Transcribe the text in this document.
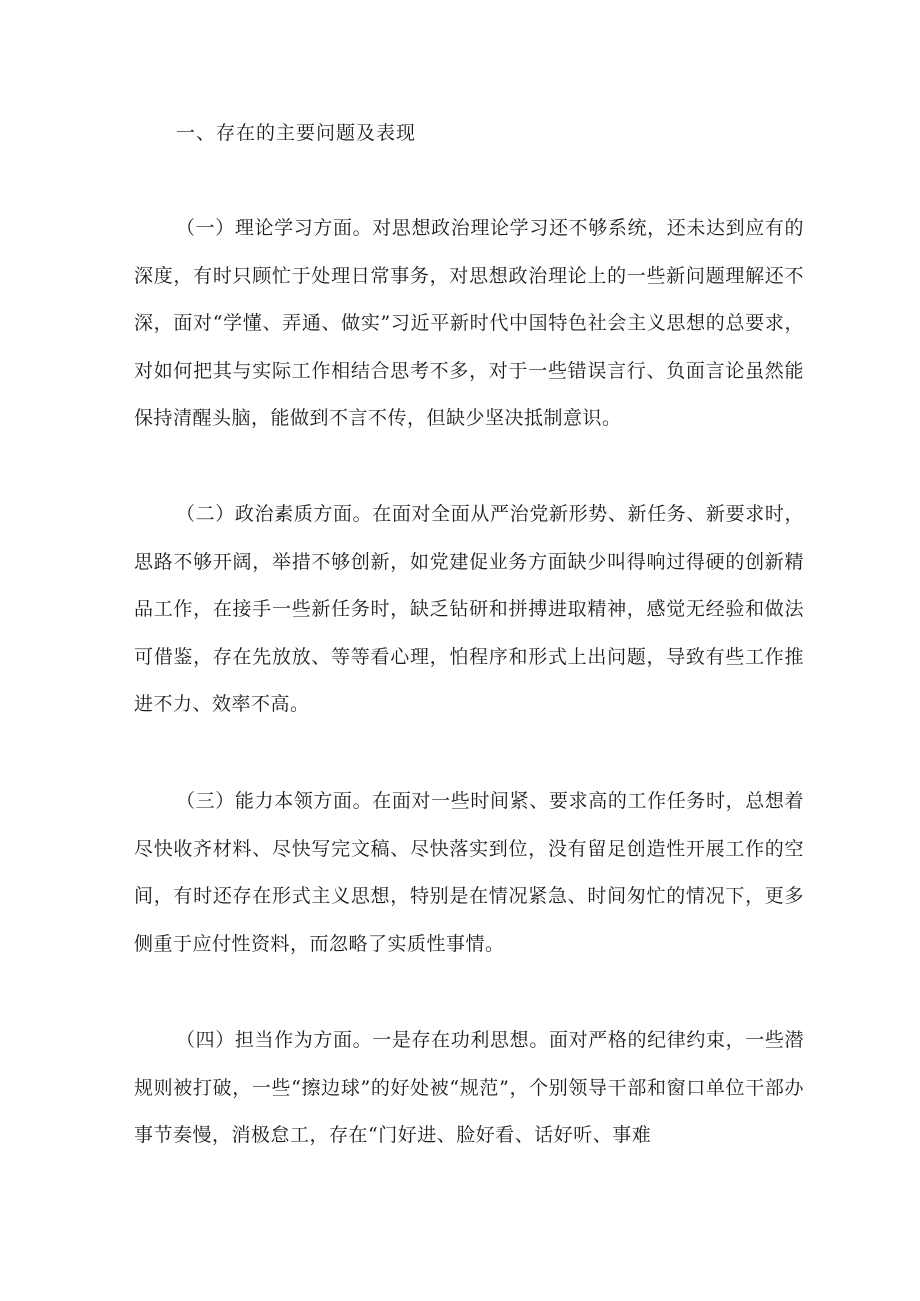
一、存在的主要问题及表现

（一）理论学习方面。对思想政治理论学习还不够系统，还未达到应有的深度，有时只顾忙于处理日常事务，对思想政治理论上的一些新问题理解还不深，面对“学懂、弄通、做实”习近平新时代中国特色社会主义思想的总要求，对如何把其与实际工作相结合思考不多，对于一些错误言行、负面言论虽然能保持清醒头脑，能做到不言不传，但缺少坚决抵制意识。

（二）政治素质方面。在面对全面从严治党新形势、新任务、新要求时，思路不够开阔，举措不够创新，如党建促业务方面缺少叫得响过得硬的创新精品工作，在接手一些新任务时，缺乏钻研和拼搏进取精神，感觉无经验和做法可借鉴，存在先放放、等等看心理，怕程序和形式上出问题，导致有些工作推进不力、效率不高。

（三）能力本领方面。在面对一些时间紧、要求高的工作任务时，总想着尽快收齐材料、尽快写完文稿、尽快落实到位，没有留足创造性开展工作的空间，有时还存在形式主义思想，特别是在情况紧急、时间匆忙的情况下，更多侧重于应付性资料，而忽略了实质性事情。

（四）担当作为方面。一是存在功利思想。面对严格的纪律约束，一些潜规则被打破，一些“擦边球”的好处被“规范”，个别领导干部和窗口单位干部办事节奏慢，消极怠工，存在“门好进、脸好看、话好听、事难
